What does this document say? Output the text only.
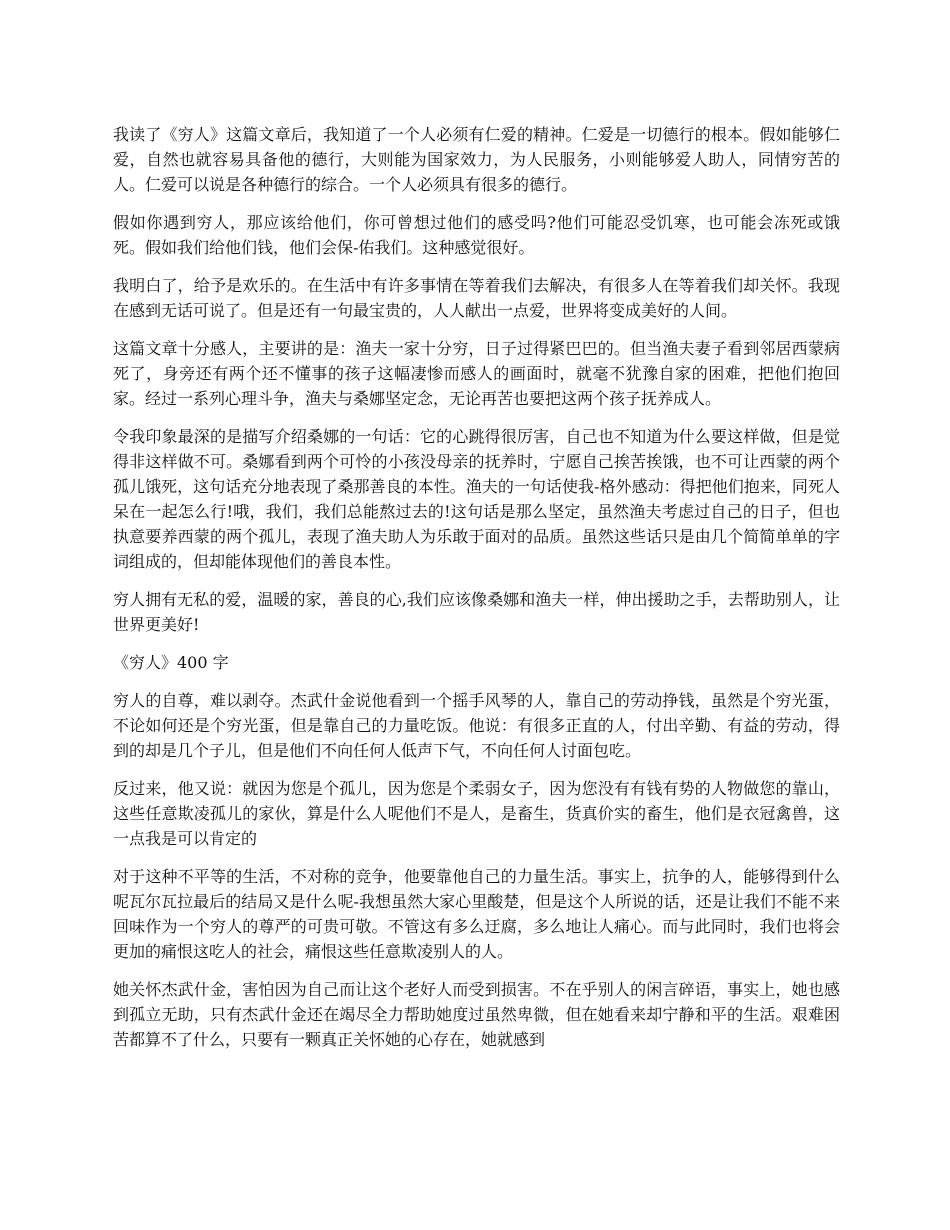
我读了《穷人》这篇文章后，我知道了一个人必须有仁爱的精神。仁爱是一切德行的根本。假如能够仁爱，自然也就容易具备他的德行，大则能为国家效力，为人民服务，小则能够爱人助人，同情穷苦的人。仁爱可以说是各种德行的综合。一个人必须具有很多的德行。

假如你遇到穷人，那应该给他们，你可曾想过他们的感受吗?他们可能忍受饥寒，也可能会冻死或饿死。假如我们给他们钱，他们会保-佑我们。这种感觉很好。

我明白了，给予是欢乐的。在生活中有许多事情在等着我们去解决，有很多人在等着我们却关怀。我现在感到无话可说了。但是还有一句最宝贵的，人人献出一点爱，世界将变成美好的人间。

这篇文章十分感人，主要讲的是：渔夫一家十分穷，日子过得紧巴巴的。但当渔夫妻子看到邻居西蒙病死了，身旁还有两个还不懂事的孩子这幅凄惨而感人的画面时，就毫不犹豫自家的困难，把他们抱回家。经过一系列心理斗争，渔夫与桑娜坚定念，无论再苦也要把这两个孩子抚养成人。

令我印象最深的是描写介绍桑娜的一句话：它的心跳得很厉害，自己也不知道为什么要这样做，但是觉得非这样做不可。桑娜看到两个可怜的小孩没母亲的抚养时，宁愿自己挨苦挨饿，也不可让西蒙的两个孤儿饿死，这句话充分地表现了桑那善良的本性。渔夫的一句话使我-格外感动：得把他们抱来，同死人呆在一起怎么行!哦，我们，我们总能熬过去的!这句话是那么坚定，虽然渔夫考虑过自己的日子，但也执意要养西蒙的两个孤儿，表现了渔夫助人为乐敢于面对的品质。虽然这些话只是由几个简简单单的字词组成的，但却能体现他们的善良本性。

穷人拥有无私的爱，温暖的家，善良的心,我们应该像桑娜和渔夫一样，伸出援助之手，去帮助别人，让世界更美好!

《穷人》400 字

穷人的自尊，难以剥夺。杰武什金说他看到一个摇手风琴的人，靠自己的劳动挣钱，虽然是个穷光蛋，不论如何还是个穷光蛋，但是靠自己的力量吃饭。他说：有很多正直的人，付出辛勤、有益的劳动，得到的却是几个子儿，但是他们不向任何人低声下气，不向任何人讨面包吃。

反过来，他又说：就因为您是个孤儿，因为您是个柔弱女子，因为您没有有钱有势的人物做您的靠山，这些任意欺凌孤儿的家伙，算是什么人呢他们不是人，是畜生，货真价实的畜生，他们是衣冠禽兽，这一点我是可以肯定的

对于这种不平等的生活，不对称的竞争，他要靠他自己的力量生活。事实上，抗争的人，能够得到什么呢瓦尔瓦拉最后的结局又是什么呢-我想虽然大家心里酸楚，但是这个人所说的话，还是让我们不能不来回味作为一个穷人的尊严的可贵可敬。不管这有多么迂腐，多么地让人痛心。而与此同时，我们也将会更加的痛恨这吃人的社会，痛恨这些任意欺凌别人的人。

她关怀杰武什金，害怕因为自己而让这个老好人而受到损害。不在乎别人的闲言碎语，事实上，她也感到孤立无助，只有杰武什金还在竭尽全力帮助她度过虽然卑微，但在她看来却宁静和平的生活。艰难困苦都算不了什么，只要有一颗真正关怀她的心存在，她就感到
